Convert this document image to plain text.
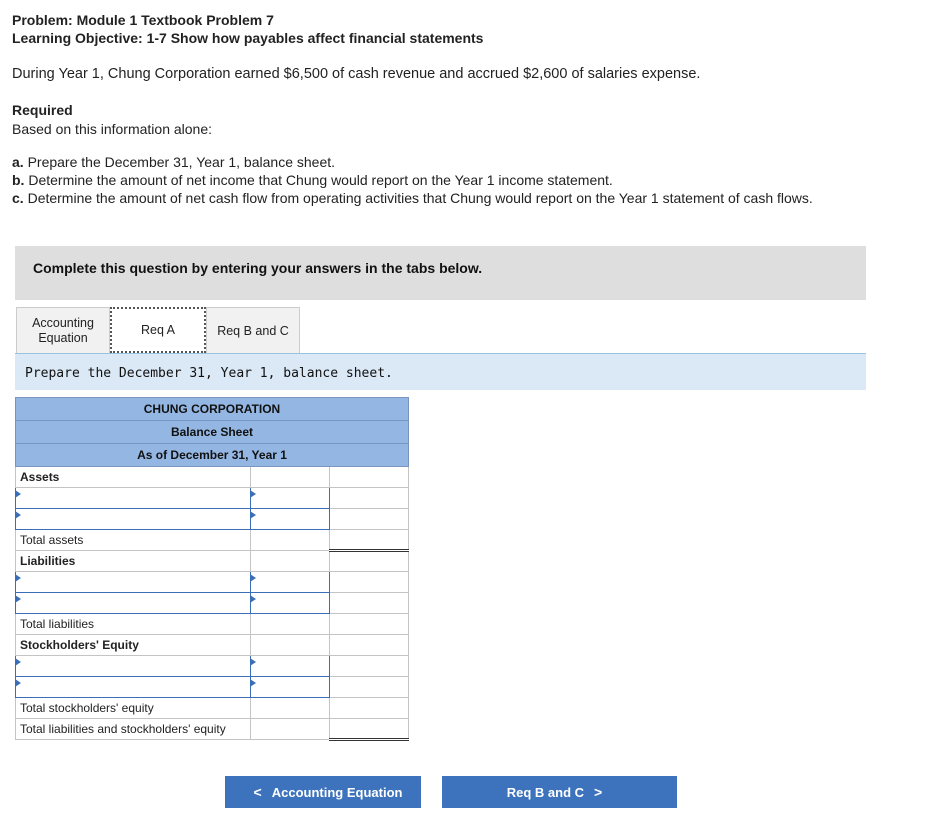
Problem: Module 1 Textbook Problem 7
Learning Objective: 1-7 Show how payables affect financial statements
During Year 1, Chung Corporation earned $6,500 of cash revenue and accrued $2,600 of salaries expense.
Required
Based on this information alone:
a. Prepare the December 31, Year 1, balance sheet.
b. Determine the amount of net income that Chung would report on the Year 1 income statement.
c. Determine the amount of net cash flow from operating activities that Chung would report on the Year 1 statement of cash flows.
Complete this question by entering your answers in the tabs below.
Accounting
Equation
Req A	Req B and C
Prepare the December 31, Year 1, balance sheet.
CHUNG CORPORATION		
Balance Sheet		
As of December 31, Year 1		
Assets		

Total assets		
Liabilities		

Total liabilities		
Stockholders' Equity		

Total stockholders' equity		
Total liabilities and stockholders' equity		
< Accounting Equation	Req B and C >
